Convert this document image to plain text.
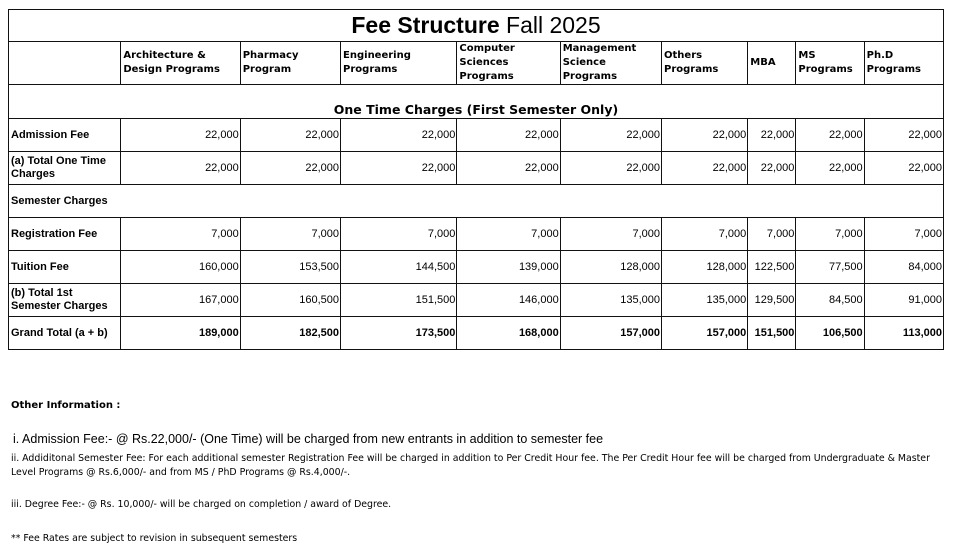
Fee Structure Fall 2025									
	Architecture & Design Programs	Pharmacy Program	Engineering Programs	Computer Sciences Programs	Management Science Programs	Others Programs	MBA	MS Programs	Ph.D Programs
One Time Charges (First Semester Only)									
Admission Fee	22,000	22,000	22,000	22,000	22,000	22,000	22,000	22,000	22,000
(a) Total One Time Charges	22,000	22,000	22,000	22,000	22,000	22,000	22,000	22,000	22,000
Semester Charges									
Registration Fee	7,000	7,000	7,000	7,000	7,000	7,000	7,000	7,000	7,000
Tuition Fee	160,000	153,500	144,500	139,000	128,000	128,000	122,500	77,500	84,000
(b) Total 1st Semester Charges	167,000	160,500	151,500	146,000	135,000	135,000	129,500	84,500	91,000
Grand Total (a + b)	189,000	182,500	173,500	168,000	157,000	157,000	151,500	106,500	113,000
Other Information :
i. Admission Fee:- @ Rs.22,000/- (One Time) will be charged from new entrants in addition to semester fee
ii. Addiditonal Semester Fee: For each additional semester Registration Fee will be charged in addition to Per Credit Hour fee. The Per Credit Hour fee will be charged from Undergraduate & Master Level Programs @ Rs.6,000/- and from MS / PhD Programs @ Rs.4,000/-.
iii. Degree Fee:- @ Rs. 10,000/- will be charged on completion / award of Degree.
** Fee Rates are subject to revision in subsequent semesters
